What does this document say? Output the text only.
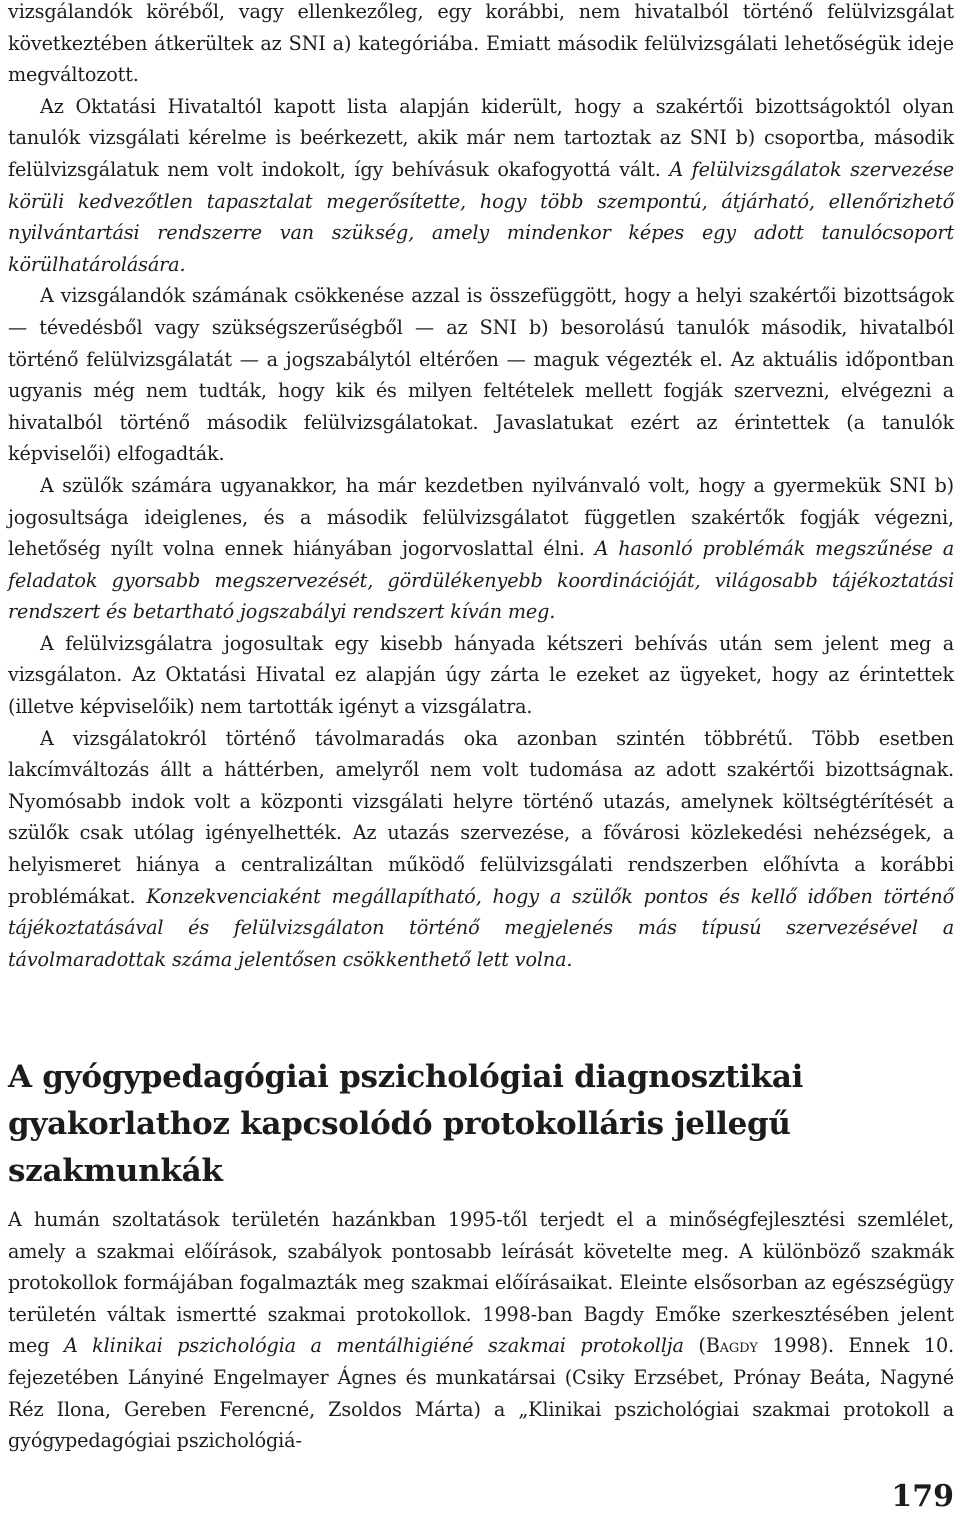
vizsgálandók köréből, vagy ellenkezőleg, egy korábbi, nem hivatalból történő felülvizsgálat következtében átkerültek az SNI a) kategóriába. Emiatt második felülvizsgálati lehetőségük ideje megváltozott.

Az Oktatási Hivataltól kapott lista alapján kiderült, hogy a szakértői bizottságoktól olyan tanulók vizsgálati kérelme is beérkezett, akik már nem tartoztak az SNI b) csoportba, második felülvizsgálatuk nem volt indokolt, így behívásuk okafogyottá vált. A felülvizsgálatok szervezése körüli kedvezőtlen tapasztalat megerősítette, hogy több szempontú, átjárható, ellenőrizhető nyilvántartási rendszerre van szükség, amely mindenkor képes egy adott tanulócsoport körülhatárolására.

A vizsgálandók számának csökkenése azzal is összefüggött, hogy a helyi szakértői bizottságok — tévedésből vagy szükségszerűségből — az SNI b) besorolású tanulók második, hivatalból történő felülvizsgálatát — a jogszabálytól eltérően — maguk végezték el. Az aktuális időpontban ugyanis még nem tudták, hogy kik és milyen feltételek mellett fogják szervezni, elvégezni a hivatalból történő második felülvizsgálatokat. Javaslatukat ezért az érintettek (a tanulók képviselői) elfogadták.

A szülők számára ugyanakkor, ha már kezdetben nyilvánvaló volt, hogy a gyermekük SNI b) jogosultsága ideiglenes, és a második felülvizsgálatot független szakértők fogják végezni, lehetőség nyílt volna ennek hiányában jogorvoslattal élni. A hasonló problémák megszűnése a feladatok gyorsabb megszervezését, gördülékenyebb koordinációját, világosabb tájékoztatási rendszert és betartható jogszabályi rendszert kíván meg.

A felülvizsgálatra jogosultak egy kisebb hányada kétszeri behívás után sem jelent meg a vizsgálaton. Az Oktatási Hivatal ez alapján úgy zárta le ezeket az ügyeket, hogy az érintettek (illetve képviselőik) nem tartották igényt a vizsgálatra.

A vizsgálatokról történő távolmaradás oka azonban szintén többrétű. Több esetben lakcímváltozás állt a háttérben, amelyről nem volt tudomása az adott szakértői bizottságnak. Nyomósabb indok volt a központi vizsgálati helyre történő utazás, amelynek költségtérítését a szülők csak utólag igényelhették. Az utazás szervezése, a fővárosi közlekedési nehézségek, a helyismeret hiánya a centralizáltan működő felülvizsgálati rendszerben előhívta a korábbi problémákat. Konzekvenciaként megállapítható, hogy a szülők pontos és kellő időben történő tájékoztatásával és felülvizsgálaton történő megjelenés más típusú szervezésével a távolmaradottak száma jelentősen csökkenthető lett volna.

A gyógypedagógiai pszichológiai diagnosztikai gyakorlathoz kapcsolódó protokolláris jellegű szakmunkák

A humán szoltatások területén hazánkban 1995-től terjedt el a minőségfejlesztési szemlélet, amely a szakmai előírások, szabályok pontosabb leírását követelte meg. A különböző szakmák protokollok formájában fogalmazták meg szakmai előírásaikat. Eleinte elsősorban az egészségügy területén váltak ismertté szakmai protokollok. 1998-ban Bagdy Emőke szerkesztésében jelent meg A klinikai pszichológia a mentálhigiéné szakmai protokollja (Bagdy 1998). Ennek 10. fejezetében Lányiné Engelmayer Ágnes és munkatársai (Csiky Erzsébet, Prónay Beáta, Nagyné Réz Ilona, Gereben Ferencné, Zsoldos Márta) a „Klinikai pszichológiai szakmai protokoll a gyógypedagógiai pszichológiá-

179
